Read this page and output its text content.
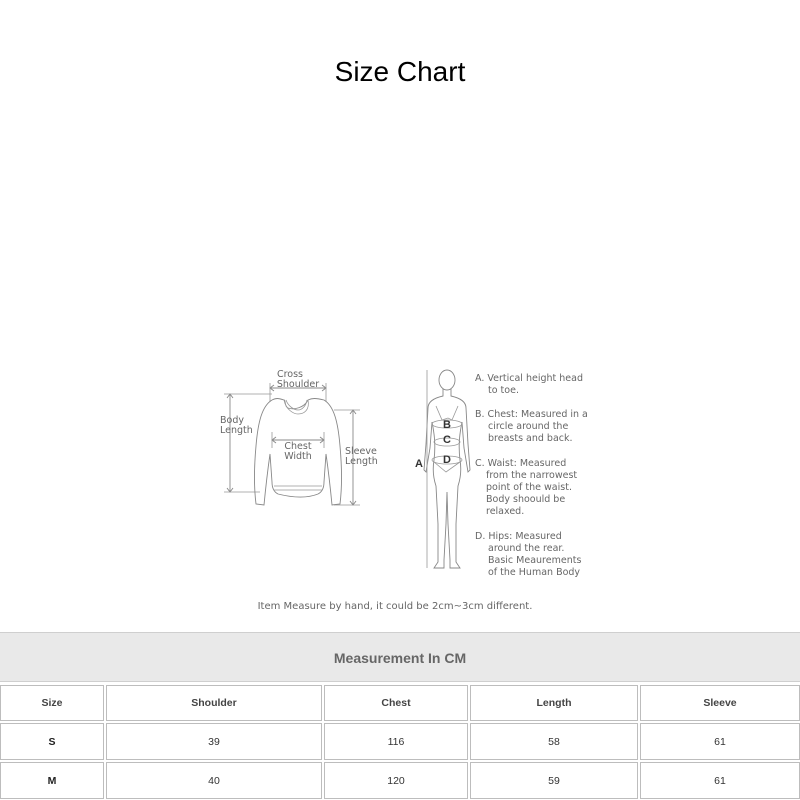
Size Chart
Cross
Shoulder
Body
Length
Chest
Width	Sleeve
Length
B
C
D
A
A. Vertical height head
to toe.
B. Chest: Measured in a
circle around the
breasts and back.
C. Waist: Measured
from the narrowest
point of the waist.
Body shoould be
relaxed.
D. Hips: Measured
around the rear.
Basic Meaurements
of the Human Body
Item Measure by hand, it could be 2cm~3cm different.
Measurement In CM
Size	Shoulder	Chest	Length	Sleeve
S	39	116	58	61
M	40	120	59	61
